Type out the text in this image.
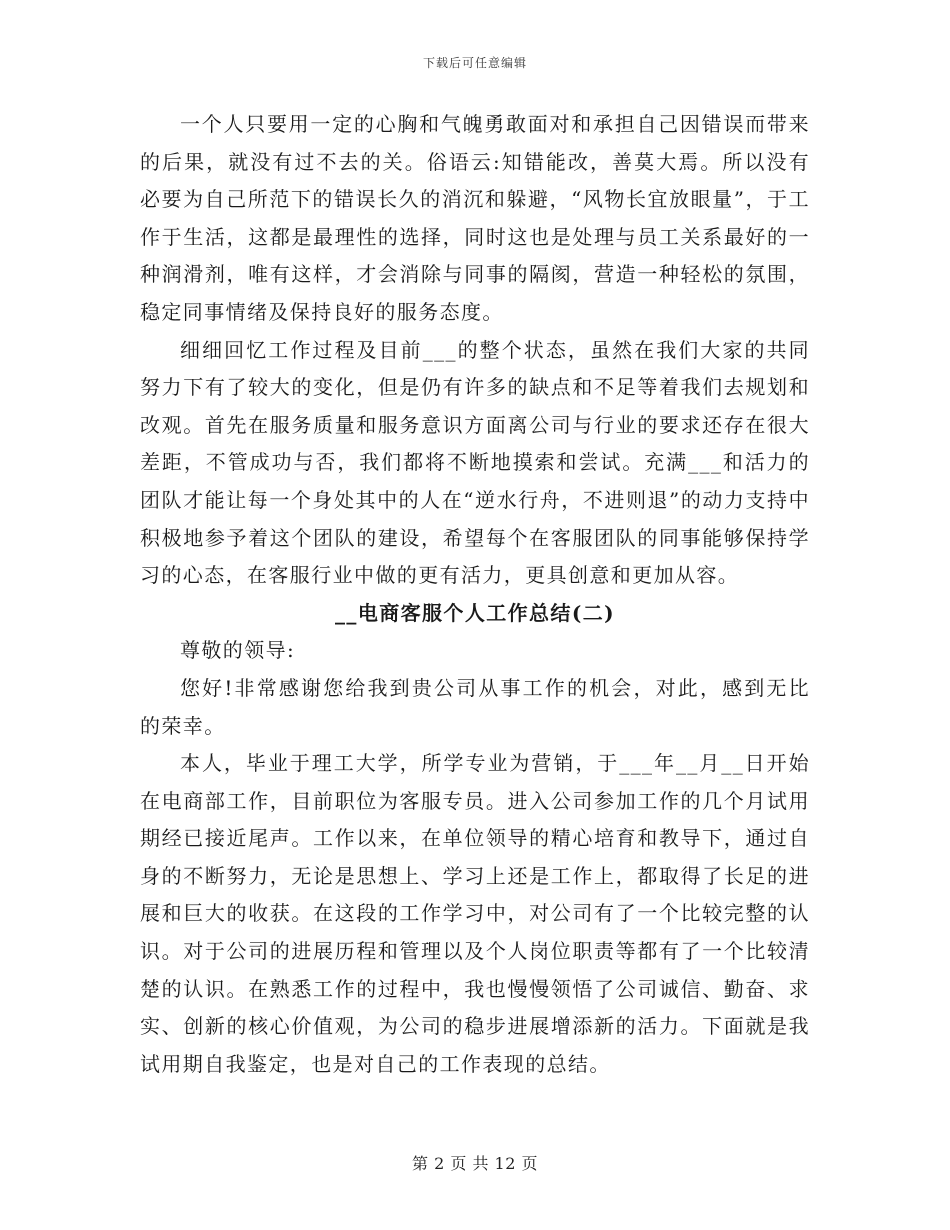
下载后可任意编辑

一个人只要用一定的心胸和气魄勇敢面对和承担自己因错误而带来的后果，就没有过不去的关。俗语云:知错能改，善莫大焉。所以没有必要为自己所范下的错误长久的消沉和躲避，“风物长宜放眼量”，于工作于生活，这都是最理性的选择，同时这也是处理与员工关系最好的一种润滑剂，唯有这样，才会消除与同事的隔阂，营造一种轻松的氛围，稳定同事情绪及保持良好的服务态度。

细细回忆工作过程及目前___的整个状态，虽然在我们大家的共同努力下有了较大的变化，但是仍有许多的缺点和不足等着我们去规划和改观。首先在服务质量和服务意识方面离公司与行业的要求还存在很大差距，不管成功与否，我们都将不断地摸索和尝试。充满___和活力的团队才能让每一个身处其中的人在“逆水行舟，不进则退”的动力支持中积极地参予着这个团队的建设，希望每个在客服团队的同事能够保持学习的心态，在客服行业中做的更有活力，更具创意和更加从容。

__电商客服个人工作总结(二)

尊敬的领导:

您好!非常感谢您给我到贵公司从事工作的机会，对此，感到无比的荣幸。

本人，毕业于理工大学，所学专业为营销，于___年__月__日开始在电商部工作，目前职位为客服专员。进入公司参加工作的几个月试用期经已接近尾声。工作以来，在单位领导的精心培育和教导下，通过自身的不断努力，无论是思想上、学习上还是工作上，都取得了长足的进展和巨大的收获。在这段的工作学习中，对公司有了一个比较完整的认识。对于公司的进展历程和管理以及个人岗位职责等都有了一个比较清楚的认识。在熟悉工作的过程中，我也慢慢领悟了公司诚信、勤奋、求实、创新的核心价值观，为公司的稳步进展增添新的活力。下面就是我试用期自我鉴定，也是对自己的工作表现的总结。

第 2 页 共 12 页
